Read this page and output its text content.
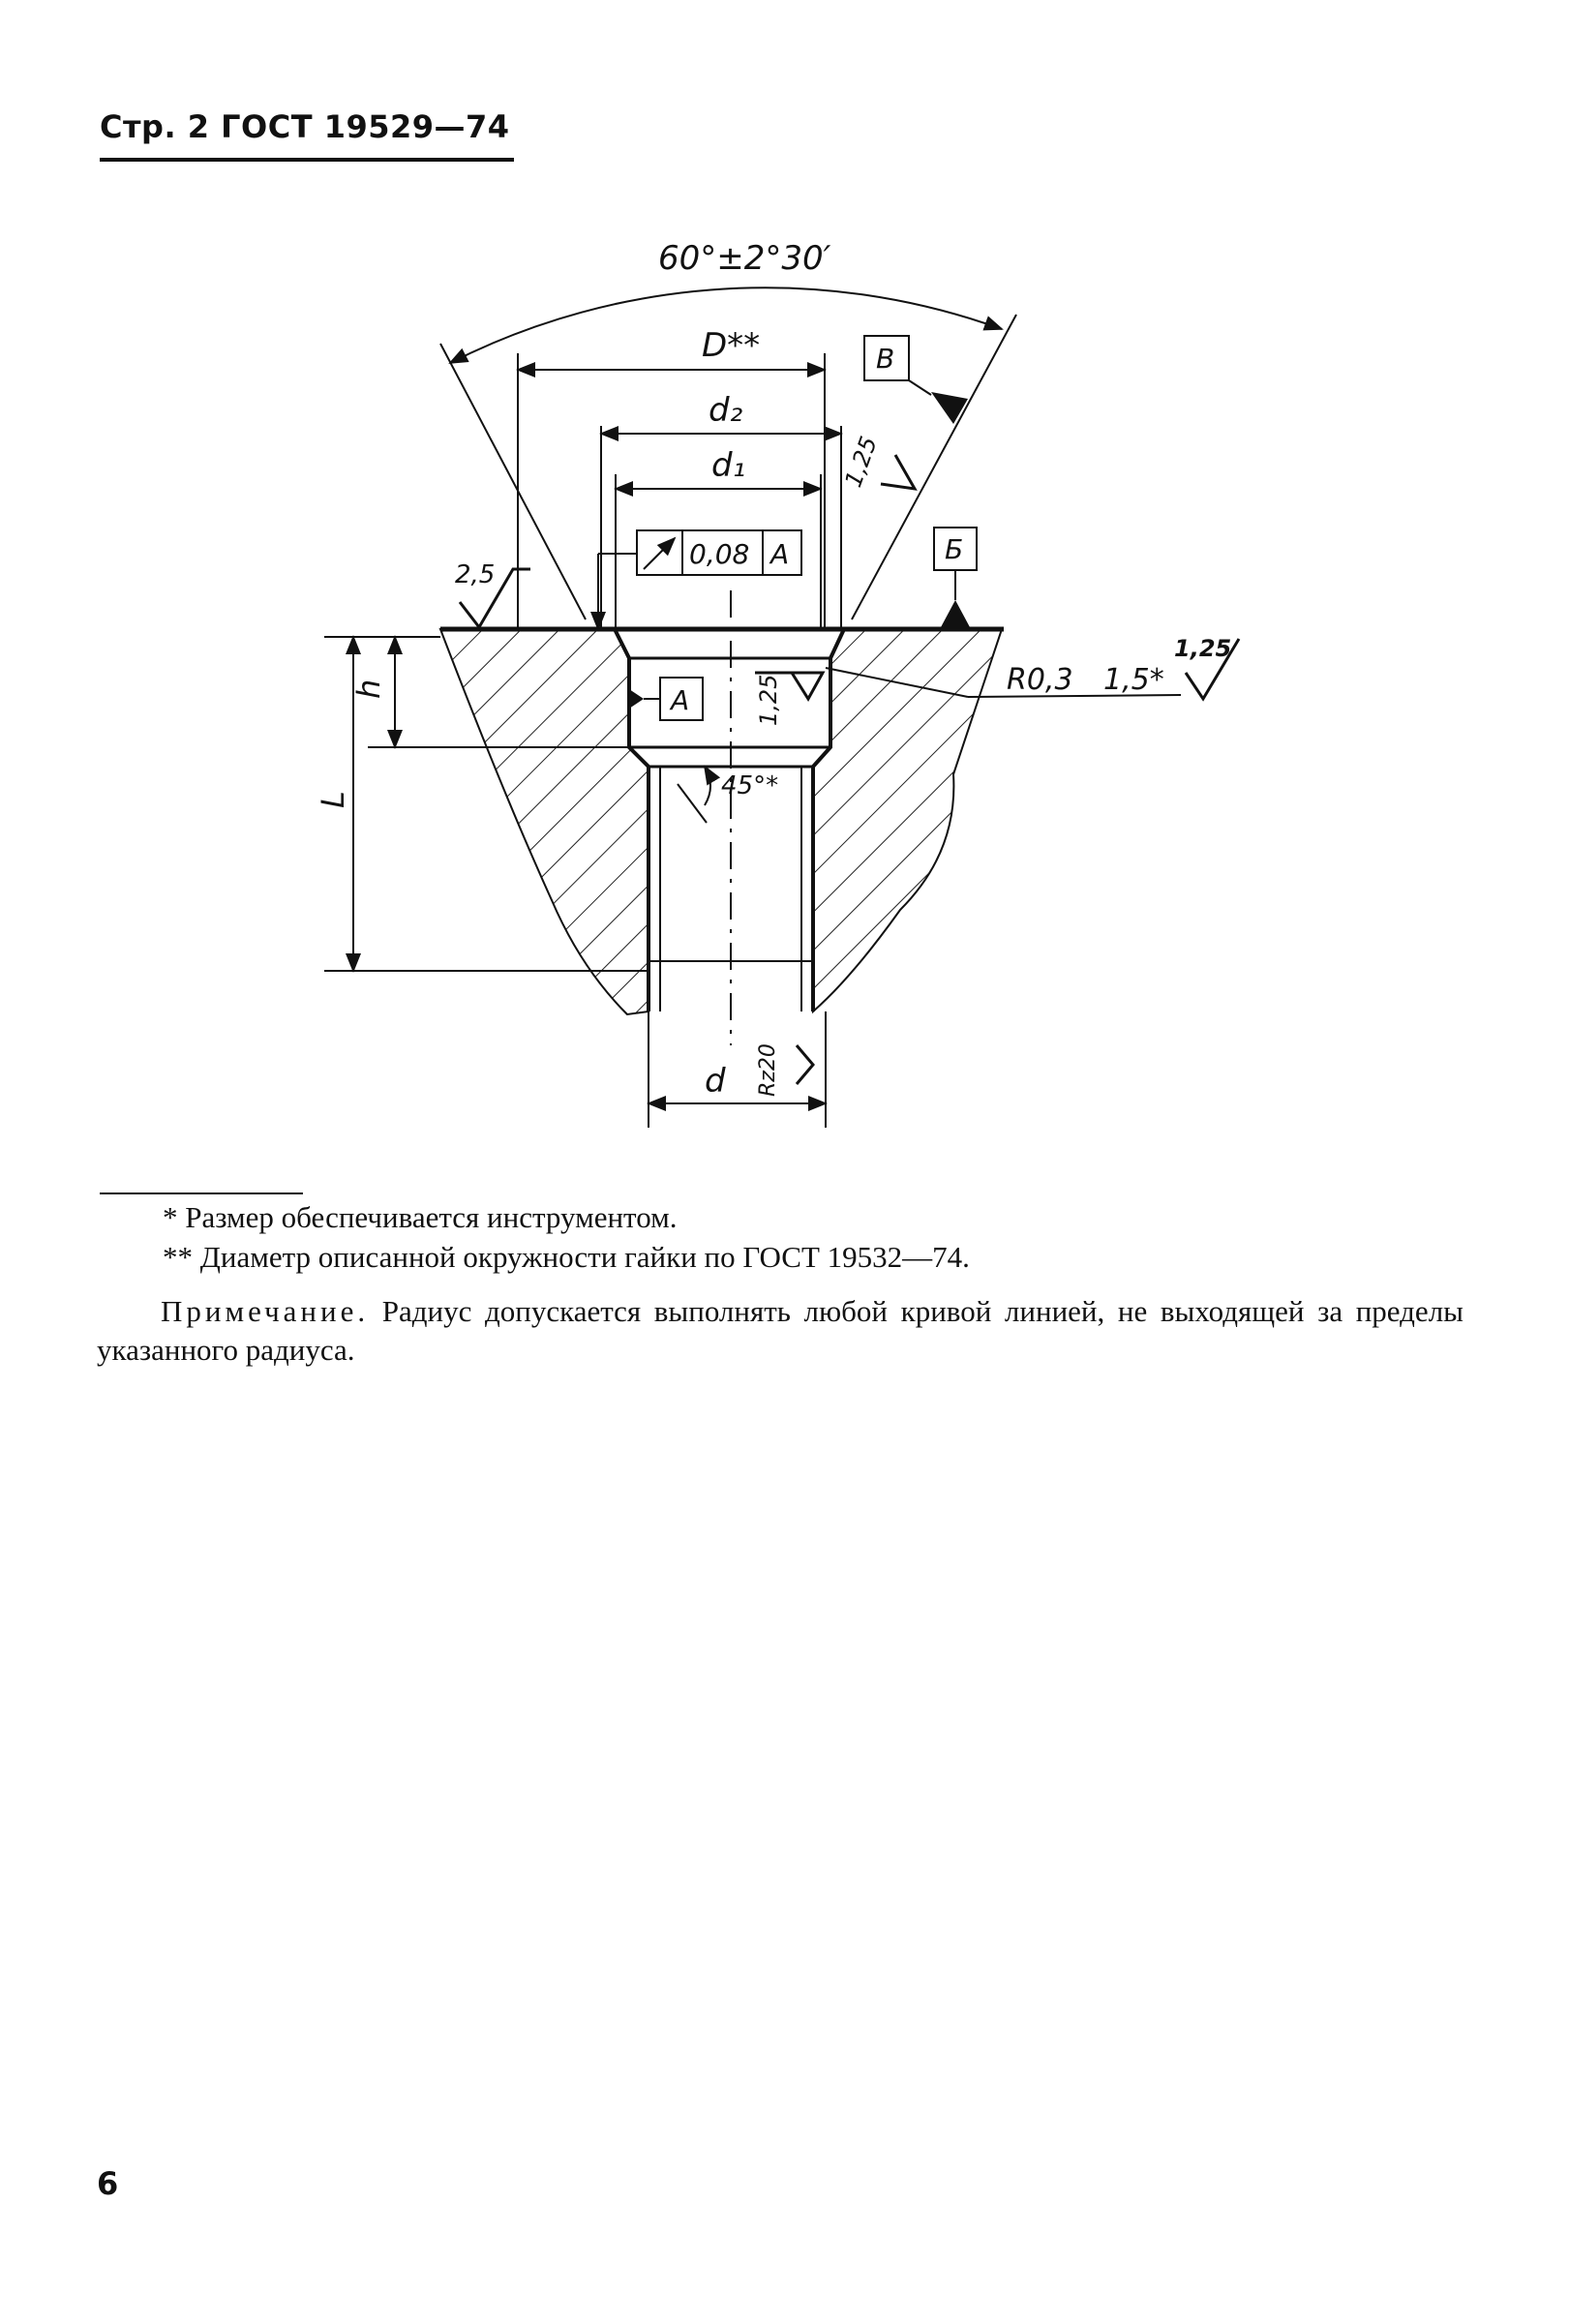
Стр. 2 ГОСТ 19529—74
60°±2°30′
D**
d₂
d₁
h
L
d
0,08 A
A
Б
В
2,5
1,25
1,25
1,25
Rz20
R0,3 1,5*
45°*
* Размер обеспечивается инструментом.
** Диаметр описанной окружности гайки по ГОСТ 19532—74.
Примечание. Радиус допускается выполнять любой кривой линией, не выходящей за пределы указанного радиуса.
6
